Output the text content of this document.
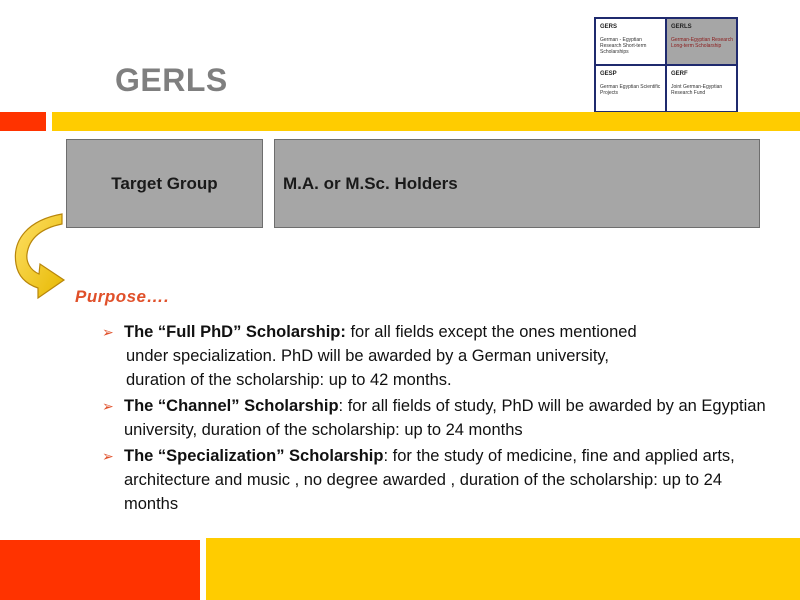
GERLS
GERS
German - Egyptian Research Short-term Scholarships
GERLS
German-Egyptian Research Long-term Scholarship
GESP
German Egyptian Scientific Projects
GERF
Joint German-Egyptian Research Fund
Target Group	M.A. or M.Sc. Holders
Purpose….
➢ The “Full PhD” Scholarship: for all fields except the ones mentioned
under specialization. PhD will be awarded by a German university,
duration of the scholarship: up to 42 months.
➢ The “Channel” Scholarship: for all fields of study, PhD will be awarded by an Egyptian university, duration of the scholarship: up to 24 months
➢ The “Specialization” Scholarship: for the study of medicine, fine and applied arts, architecture and music , no degree awarded , duration of the scholarship: up to 24 months
